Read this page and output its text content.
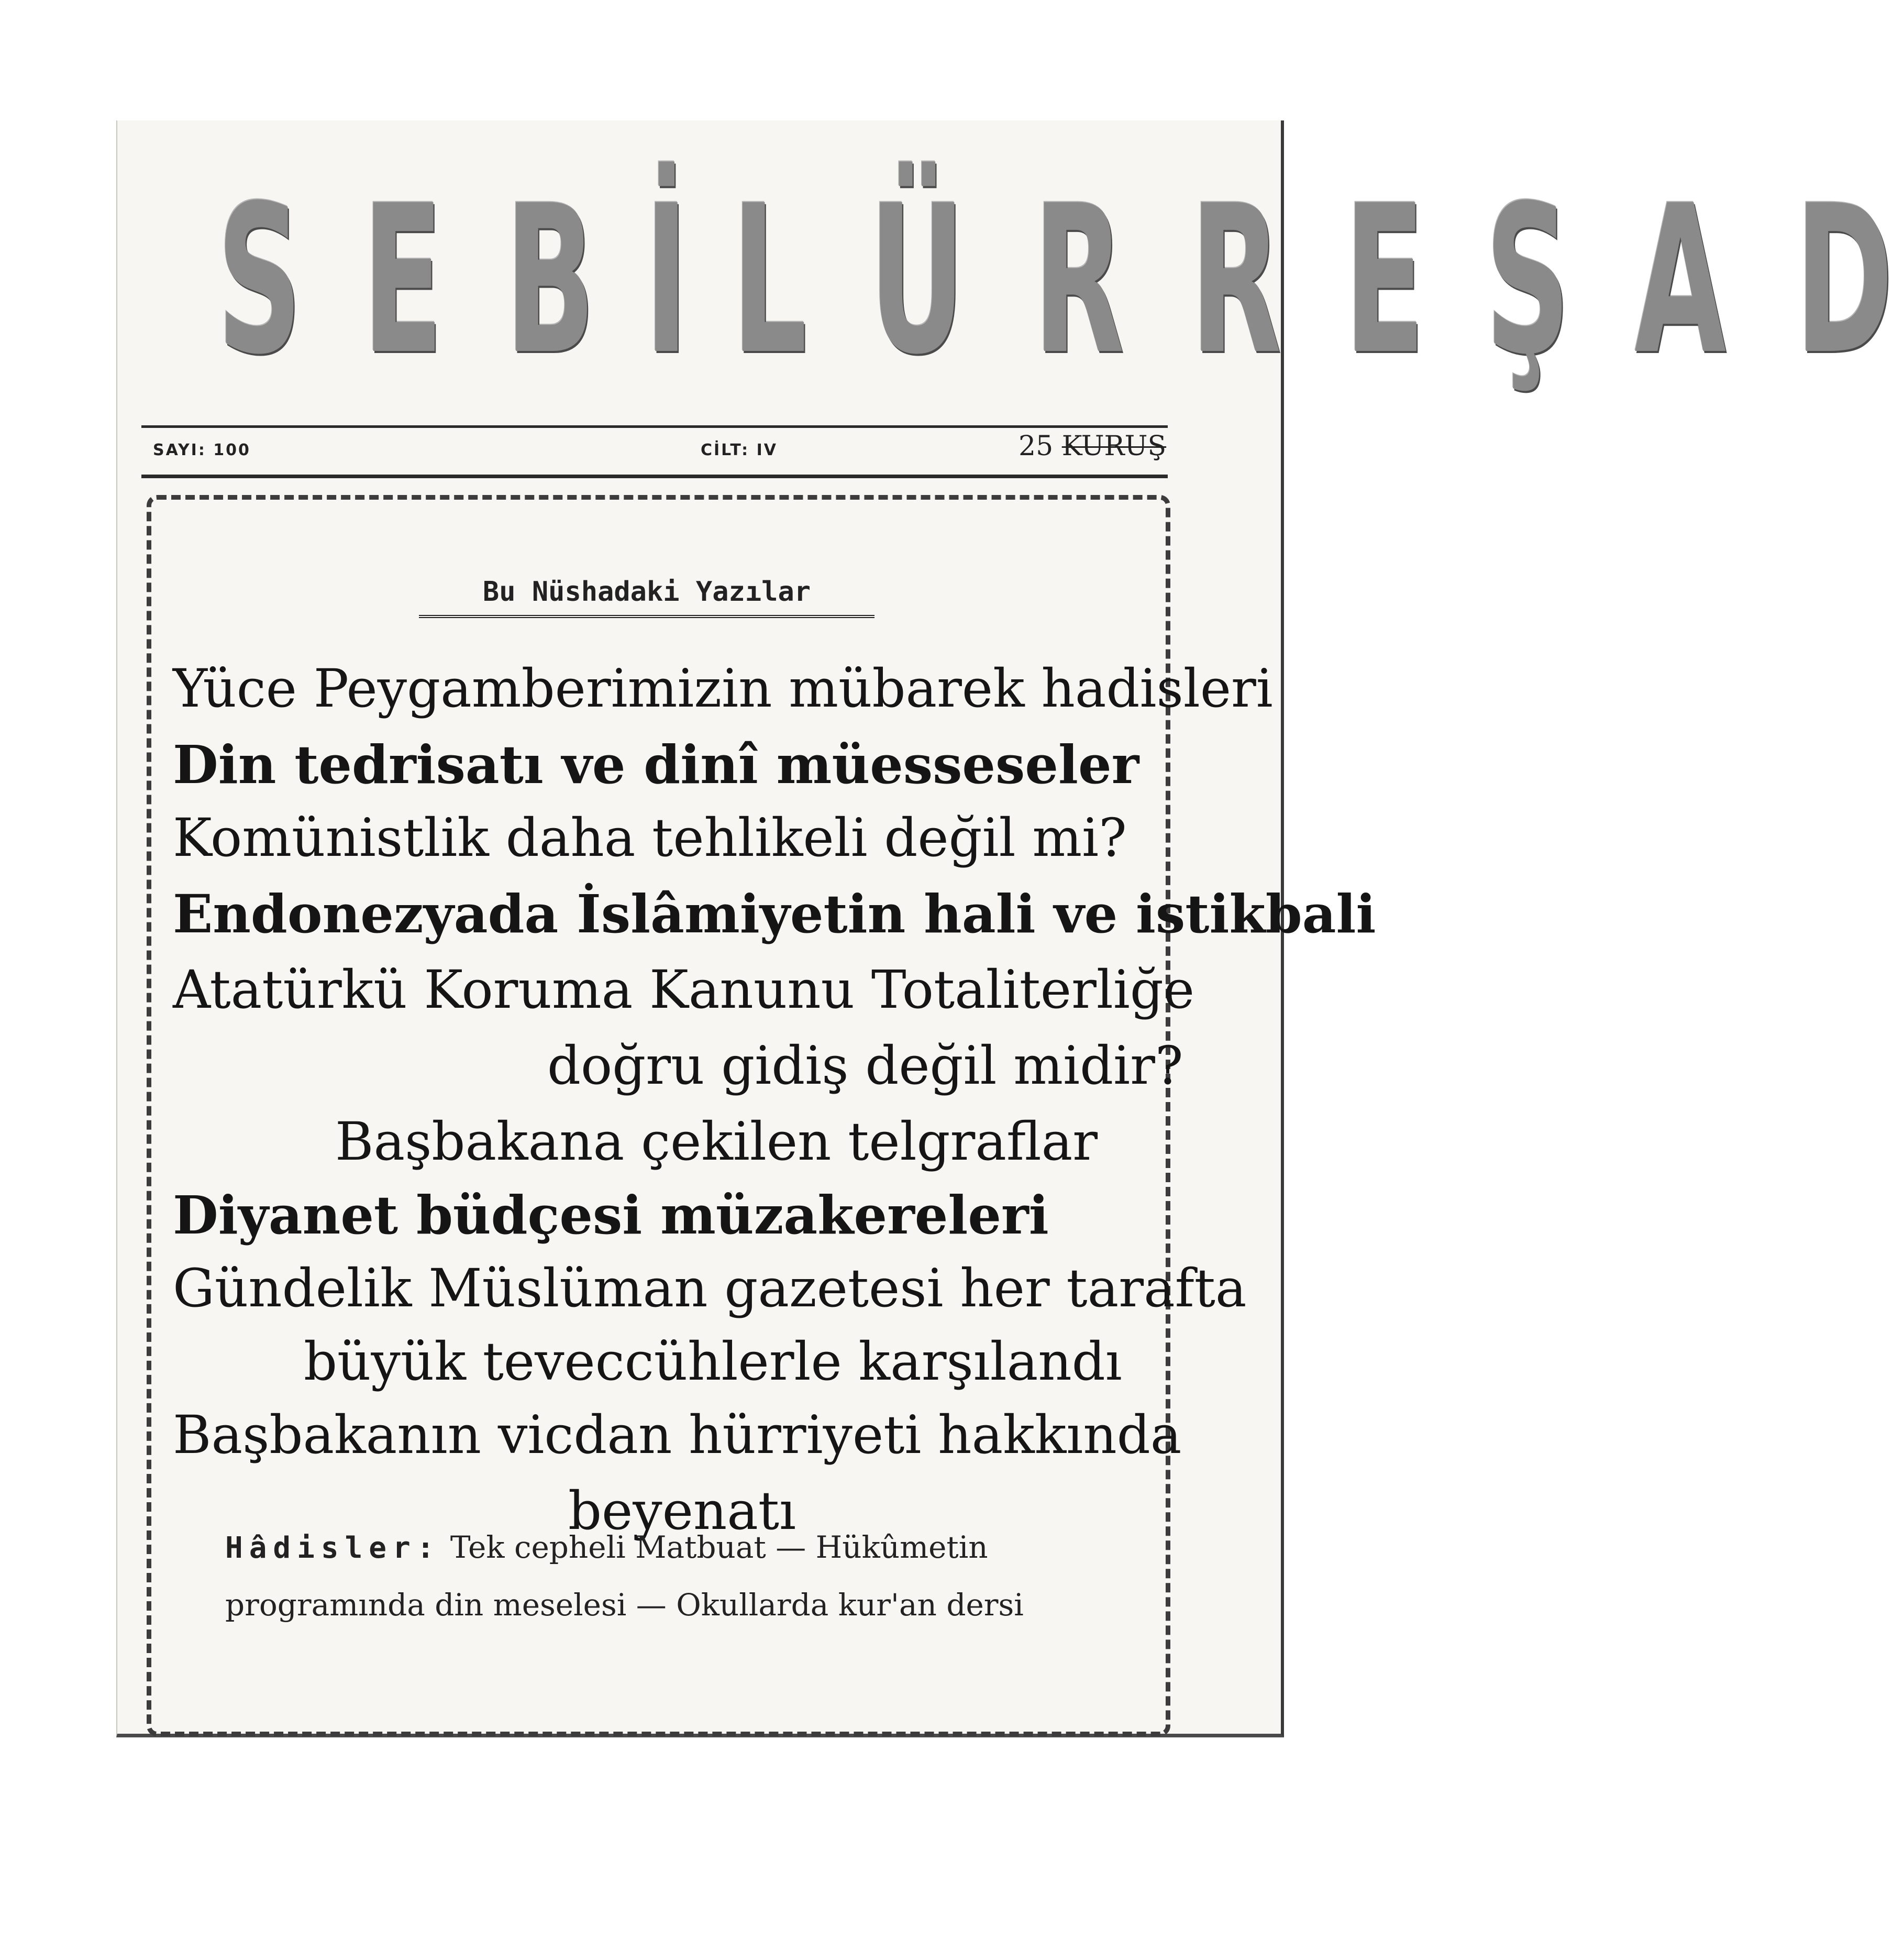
S E B İ L Ü R R E Ş A D
SAYI: 100	CİLT: IV	25 KURUŞ
Bu Nüshadaki Yazılar
Yüce Peygamberimizin mübarek hadisleri
Din tedrisatı ve dinî müesseseler
Komünistlik daha tehlikeli değil mi?
Endonezyada İslâmiyetin hali ve istikbali
Atatürkü Koruma Kanunu Totaliterliğe
doğru gidiş değil midir?
Başbakana çekilen telgraflar
Diyanet büdçesi müzakereleri
Gündelik Müslüman gazetesi her tarafta
büyük teveccühlerle karşılandı
Başbakanın vicdan hürriyeti hakkında
beyenatı
Hâdisler: Tek cepheli Matbuat — Hükûmetin
programında din meselesi — Okullarda kur'an dersi
